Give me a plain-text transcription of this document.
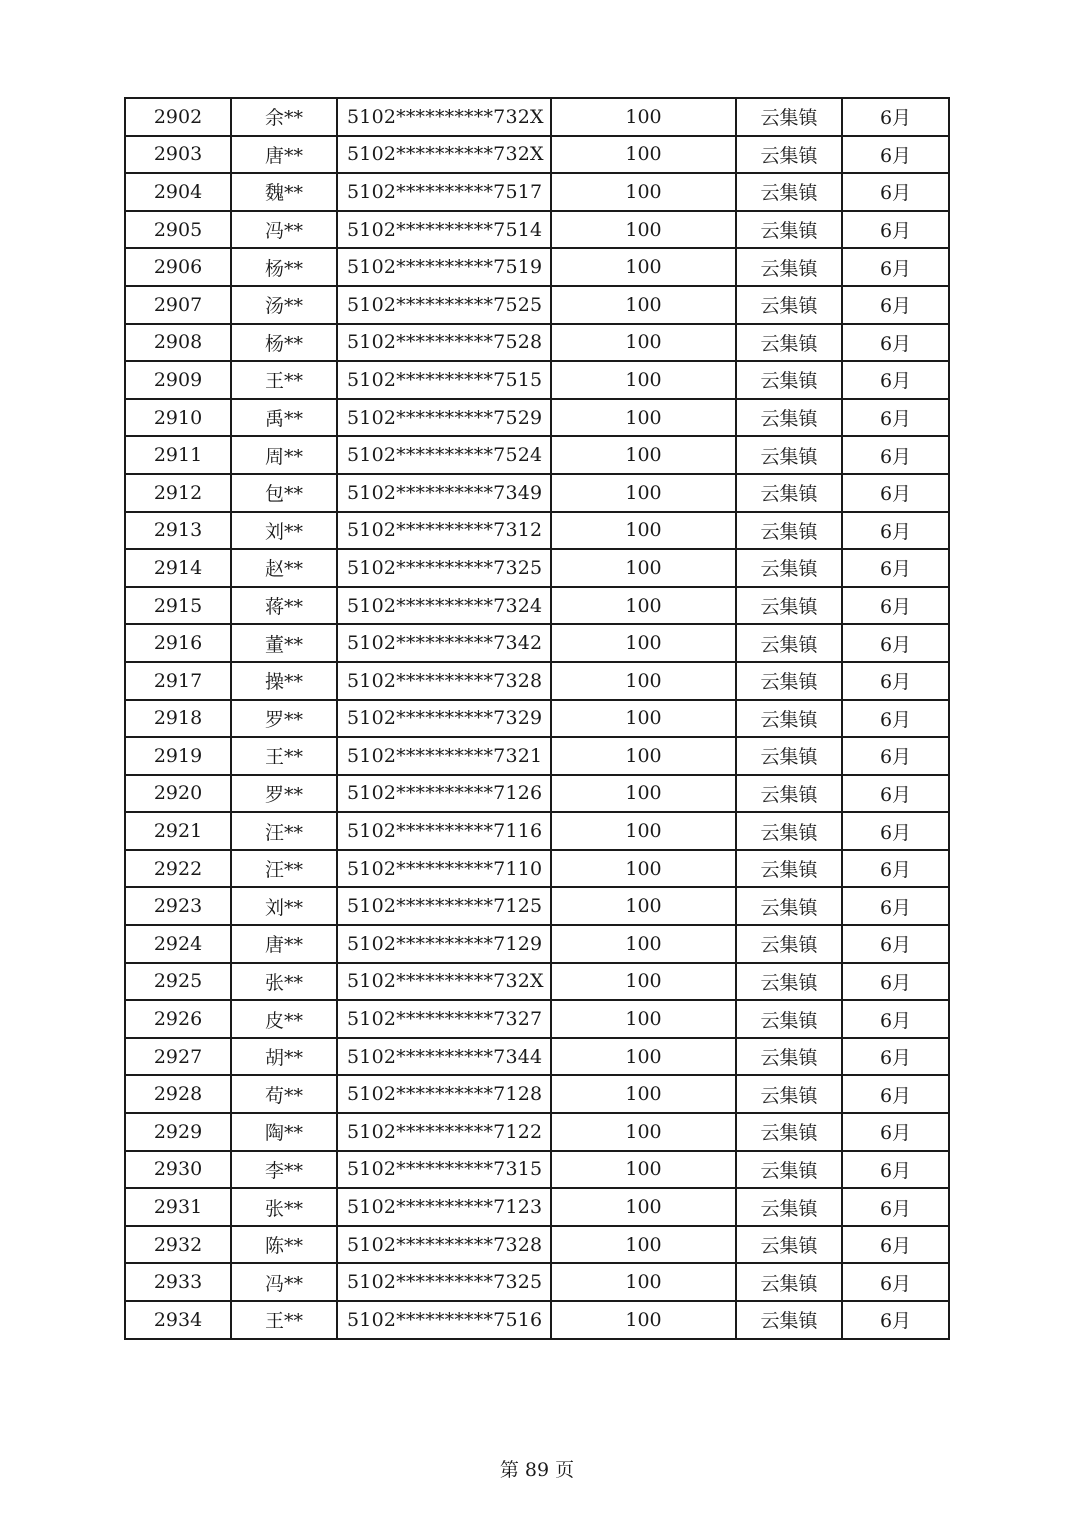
2902	余**	5102**********732X	100	云集镇	6月
2903	唐**	5102**********732X	100	云集镇	6月
2904	魏**	5102**********7517	100	云集镇	6月
2905	冯**	5102**********7514	100	云集镇	6月
2906	杨**	5102**********7519	100	云集镇	6月
2907	汤**	5102**********7525	100	云集镇	6月
2908	杨**	5102**********7528	100	云集镇	6月
2909	王**	5102**********7515	100	云集镇	6月
2910	禹**	5102**********7529	100	云集镇	6月
2911	周**	5102**********7524	100	云集镇	6月
2912	包**	5102**********7349	100	云集镇	6月
2913	刘**	5102**********7312	100	云集镇	6月
2914	赵**	5102**********7325	100	云集镇	6月
2915	蒋**	5102**********7324	100	云集镇	6月
2916	董**	5102**********7342	100	云集镇	6月
2917	操**	5102**********7328	100	云集镇	6月
2918	罗**	5102**********7329	100	云集镇	6月
2919	王**	5102**********7321	100	云集镇	6月
2920	罗**	5102**********7126	100	云集镇	6月
2921	汪**	5102**********7116	100	云集镇	6月
2922	汪**	5102**********7110	100	云集镇	6月
2923	刘**	5102**********7125	100	云集镇	6月
2924	唐**	5102**********7129	100	云集镇	6月
2925	张**	5102**********732X	100	云集镇	6月
2926	皮**	5102**********7327	100	云集镇	6月
2927	胡**	5102**********7344	100	云集镇	6月
2928	苟**	5102**********7128	100	云集镇	6月
2929	陶**	5102**********7122	100	云集镇	6月
2930	李**	5102**********7315	100	云集镇	6月
2931	张**	5102**********7123	100	云集镇	6月
2932	陈**	5102**********7328	100	云集镇	6月
2933	冯**	5102**********7325	100	云集镇	6月
2934	王**	5102**********7516	100	云集镇	6月
第 89 页
